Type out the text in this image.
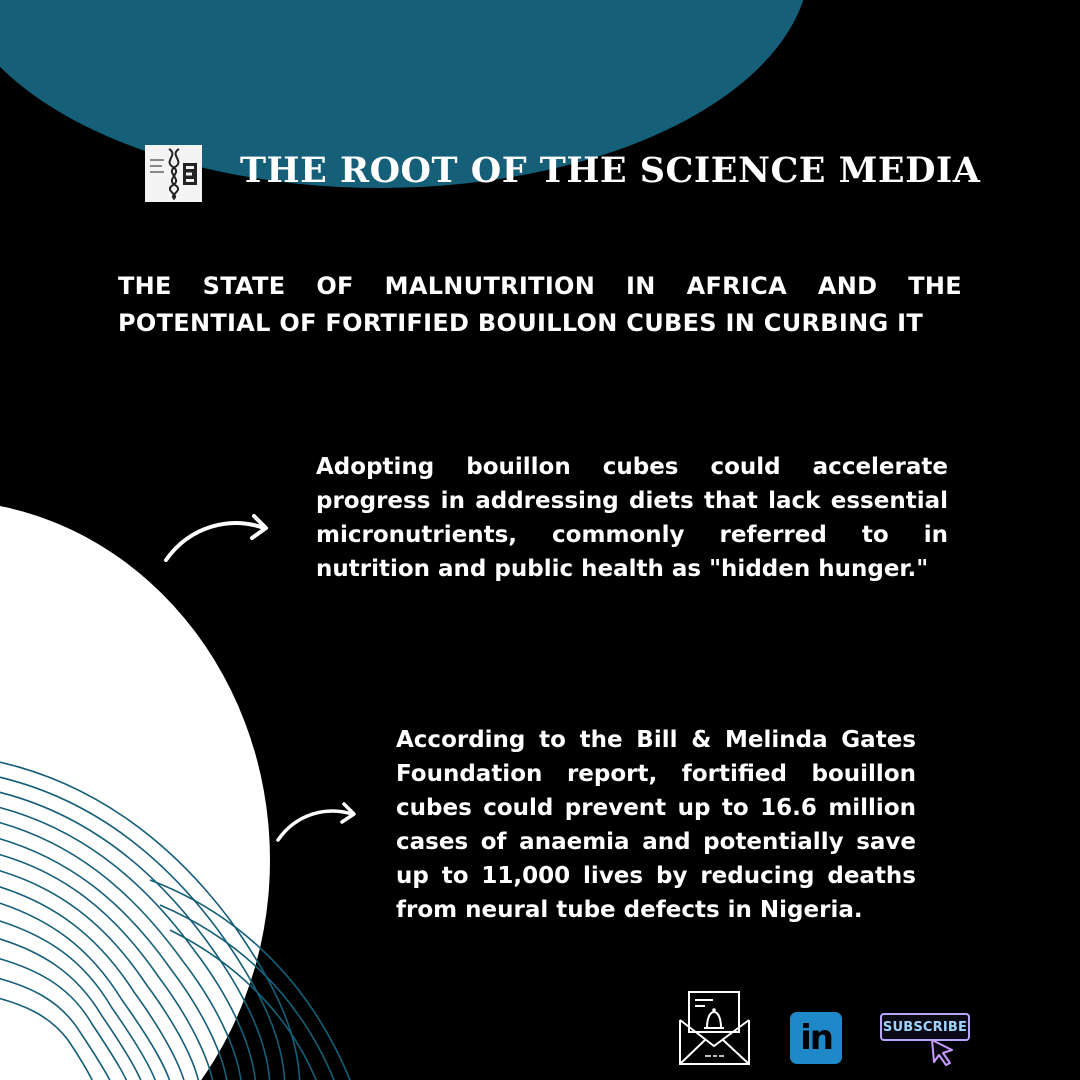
THE ROOT OF THE SCIENCE MEDIA
THE STATE OF MALNUTRITION IN AFRICA AND THE POTENTIAL OF FORTIFIED BOUILLON CUBES IN CURBING IT
Adopting bouillon cubes could accelerate progress in addressing diets that lack essential micronutrients, commonly referred to in nutrition and public health as "hidden hunger."
According to the Bill & Melinda Gates Foundation report, fortified bouillon cubes could prevent up to 16.6 million cases of anaemia and potentially save up to 11,000 lives by reducing deaths from neural tube defects in Nigeria.
in	SUBSCRIBE
